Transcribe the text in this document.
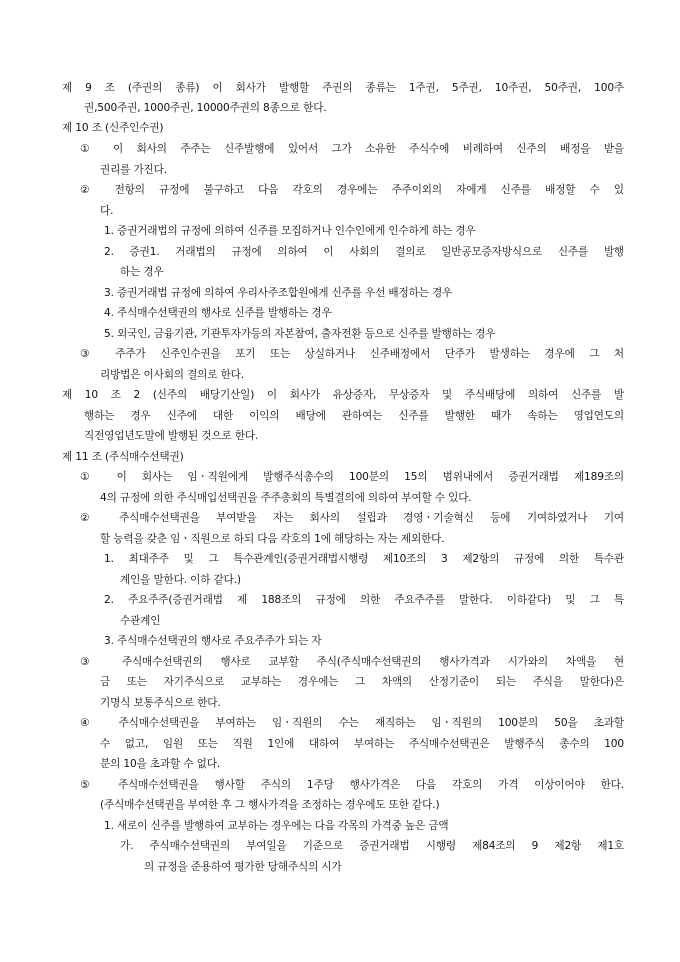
제 9 조 (주권의 종류) 이 회사가 발행할 주권의 종류는 1주권, 5주권, 10주권, 50주권, 100주
권,500주권, 1000주권, 10000주권의 8종으로 한다.
제 10 조 (신주인수권)
① 이 회사의 주주는 신주발행에 있어서 그가 소유한 주식수에 비례하여 신주의 배정을 받을
권리를 가진다.
② 전항의 규정에 불구하고 다음 각호의 경우에는 주주이외의 자에게 신주를 배정할 수 있
다.
1. 증권거래법의 규정에 의하여 신주를 모집하거나 인수인에게 인수하게 하는 경우
2. 증권1. 거래법의 규정에 의하여 이 사회의 결의로 일반공모증자방식으로 신주를 발행
하는 경우
3. 증권거래법 규정에 의하여 우리사주조합원에게 신주를 우선 배정하는 경우
4. 주식매수선택권의 행사로 신주를 발행하는 경우
5. 외국인, 금융기관, 기관투자가등의 자본참여, 출자전환 등으로 신주를 발행하는 경우
③ 주주가 신주인수권을 포기 또는 상실하거나 신주배정에서 단주가 발생하는 경우에 그 처
리방법은 이사회의 결의로 한다.
제 10 조 2 (신주의 배당기산일) 이 회사가 유상증자, 무상증자 및 주식배당에 의하여 신주를 발
행하는 경우 신주에 대한 이익의 배당에 관하여는 신주를 발행한 때가 속하는 영업연도의
직전영업년도말에 발행된 것으로 한다.
제 11 조 (주식매수선택권)
① 이 회사는 임ㆍ직원에게 발행주식총수의 100분의 15의 범위내에서 증권거래법 제189조의
4의 규정에 의한 주식매입선택권을 주주총회의 특별결의에 의하여 부여할 수 있다.
② 주식매수선택권을 부여받을 자는 회사의 설립과 경영ㆍ기술혁신 등에 기여하였거나 기여
할 능력을 갖춘 임ㆍ직원으로 하되 다음 각호의 1에 해당하는 자는 제외한다.
1. 최대주주 및 그 특수관계인(증권거래법시행령 제10조의 3 제2항의 규정에 의한 특수관
계인을 말한다. 이하 같다.)
2. 주요주주(증권거래법 제 188조의 규정에 의한 주요주주를 말한다. 이하같다) 및 그 특
수관계인
3. 주식매수선택권의 행사로 주요주주가 되는 자
③ 주식매수선택권의 행사로 교부할 주식(주식매수선택권의 행사가격과 시가와의 차액을 현
금 또는 자기주식으로 교부하는 경우에는 그 차액의 산정기준이 되는 주식을 말한다)은
기명식 보통주식으로 한다.
④ 주식매수선택권을 부여하는 임ㆍ직원의 수는 재직하는 임ㆍ직원의 100분의 50을 초과할
수 없고, 임원 또는 직원 1인에 대하여 부여하는 주식매수선택권은 발행주식 총수의 100
분의 10을 초과할 수 없다.
⑤ 주식매수선택권을 행사할 주식의 1주당 행사가격은 다음 각호의 가격 이상이어야 한다.
(주식매수선택권을 부여한 후 그 행사가격을 조정하는 경우에도 또한 같다.)
1. 새로이 신주를 발행하여 교부하는 경우에는 다음 각목의 가격중 높은 금액
가. 주식매수선택권의 부여일을 기준으로 증권거래법 시행령 제84조의 9 제2항 제1호
의 규정을 준용하여 평가한 당해주식의 시가
